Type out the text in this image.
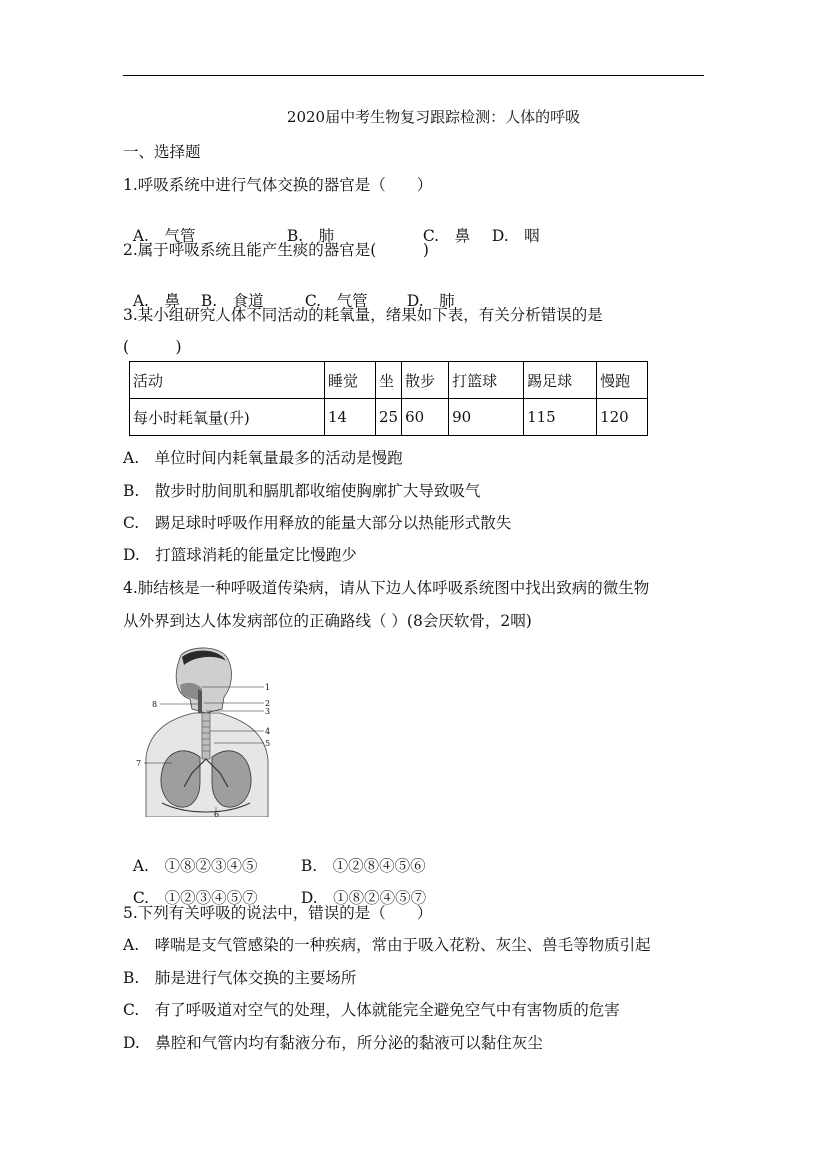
2020届中考生物复习跟踪检测：人体的呼吸
一、选择题
1.呼吸系统中进行气体交换的器官是（　　）

A.　气管	B.　肺	C.　鼻 D.　咽

2.属于呼吸系统且能产生痰的器官是(　　　)

A.　鼻 B.　食道	C.　气管	D.　肺

3.某小组研究人体不同活动的耗氧量，绪果如下表，有关分析错误的是
(　　　)
活动	睡觉	坐	散步	打篮球	踢足球	慢跑
每小时耗氧量(升)	14	25	60	90	115	120
A.　单位时间内耗氧量最多的活动是慢跑
B.　散步时肋间肌和膈肌都收缩使胸廓扩大导致吸气
C.　踢足球时呼吸作用释放的能量大部分以热能形式散失
D.　打篮球消耗的能量定比慢跑少
4.肺结核是一种呼吸道传染病，请从下边人体呼吸系统图中找出致病的微生物
从外界到达人体发病部位的正确路线（ ）(8会厌软骨，2咽)
1
2
3
4
5
6
7
8

A.　①⑧②③④⑤	B.　①②⑧④⑤⑥

C.　①②③④⑤⑦	D.　①⑧②④⑤⑦

5.下列有关呼吸的说法中，错误的是（　　）
A.　哮喘是支气管感染的一种疾病，常由于吸入花粉、灰尘、兽毛等物质引起
B.　肺是进行气体交换的主要场所
C.　有了呼吸道对空气的处理，人体就能完全避免空气中有害物质的危害
D.　鼻腔和气管内均有黏液分布，所分泌的黏液可以黏住灰尘
